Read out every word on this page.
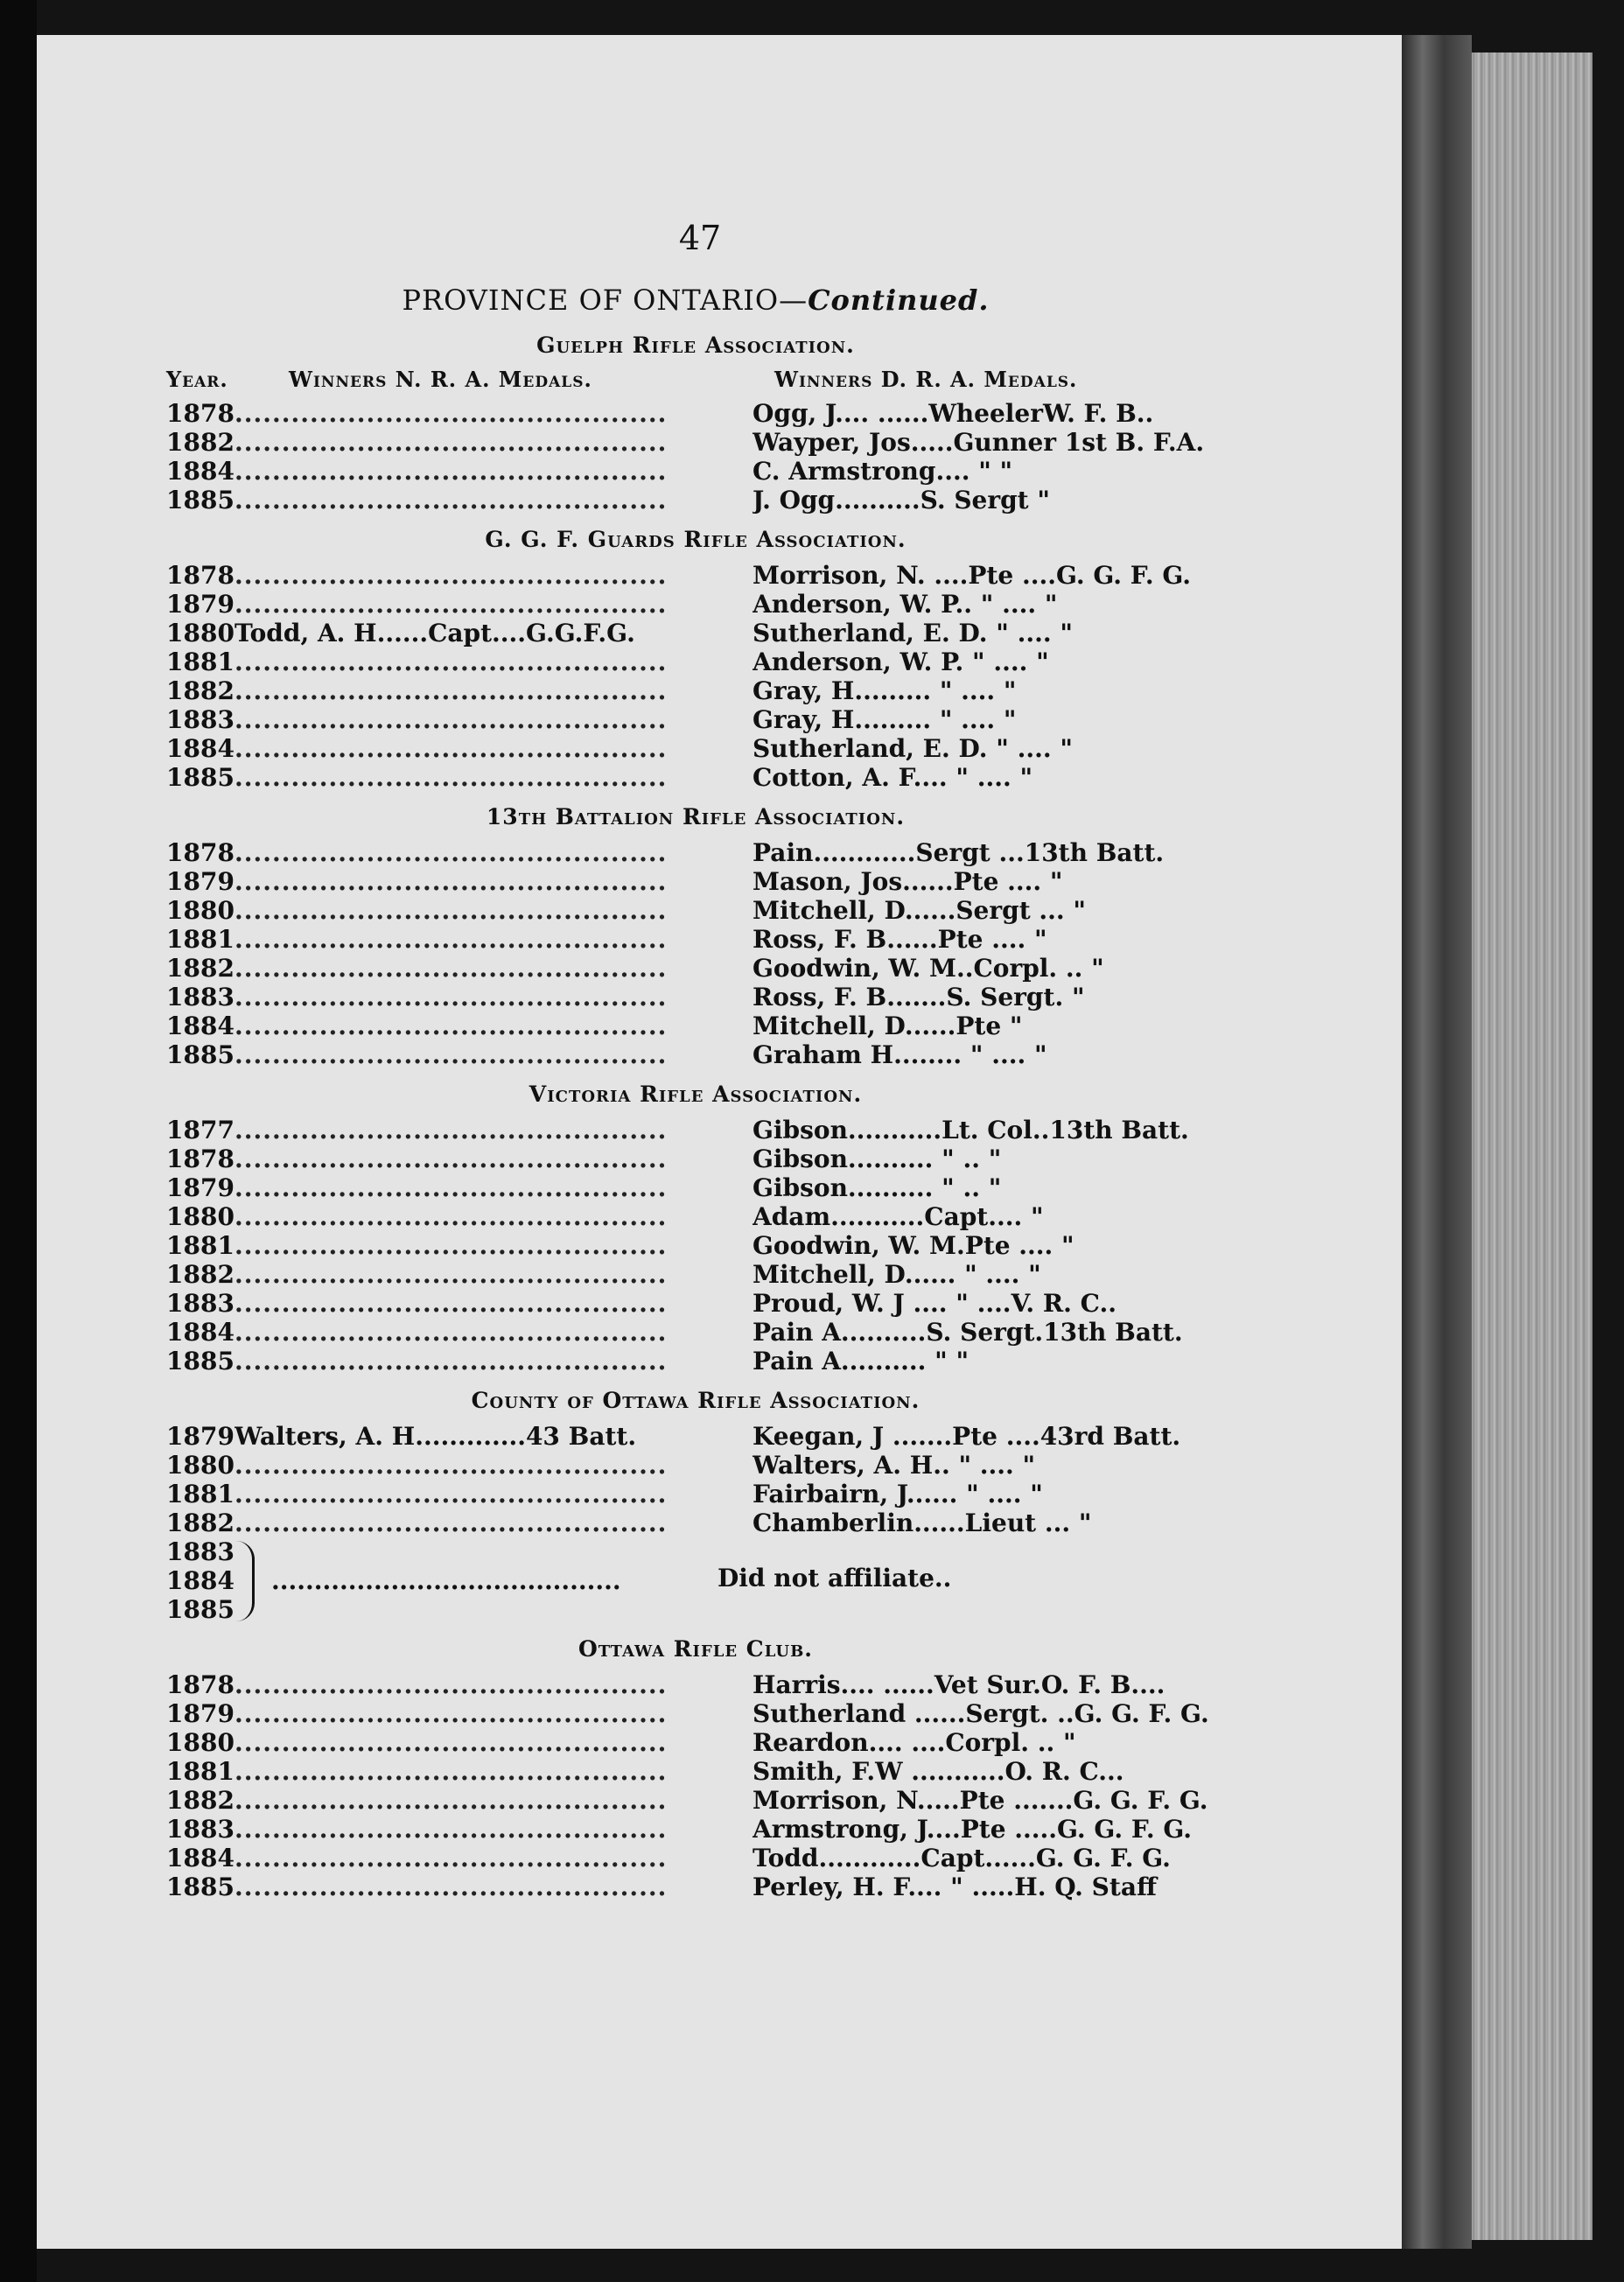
47
PROVINCE OF ONTARIO—Continued.
Guelph Rifle Association.
Year.	Winners N. R. A. Medals.	Winners D. R. A. Medals.
1878 ..............................................	Ogg, J.... ......WheelerW. F. B..
1882 ..............................................	Wayper, Jos.....Gunner 1st B. F.A.
1884 ..............................................	C. Armstrong.... " "
1885 ..............................................	J. Ogg..........S. Sergt "
G. G. F. Guards Rifle Association.
1878 ..............................................	Morrison, N. ....Pte ....G. G. F. G.
1879 ..............................................	Anderson, W. P.. " .... "
1880 Todd, A. H......Capt....G.G.F.G.	Sutherland, E. D. " .... "
1881 ..............................................	Anderson, W. P. " .... "
1882 ..............................................	Gray, H......... " .... "
1883 ..............................................	Gray, H......... " .... "
1884 ..............................................	Sutherland, E. D. " .... "
1885 ..............................................	Cotton, A. F.... " .... "
13th Battalion Rifle Association.
1878 ..............................................	Pain............Sergt ...13th Batt.
1879 ..............................................	Mason, Jos......Pte .... "
1880 ..............................................	Mitchell, D......Sergt ... "
1881 ..............................................	Ross, F. B......Pte .... "
1882 ..............................................	Goodwin, W. M..Corpl. .. "
1883 ..............................................	Ross, F. B.......S. Sergt. "
1884 ..............................................	Mitchell, D......Pte "
1885 ..............................................	Graham H........ " .... "
Victoria Rifle Association.
1877 ..............................................	Gibson...........Lt. Col..13th Batt.
1878 ..............................................	Gibson.......... " .. "
1879 ..............................................	Gibson.......... " .. "
1880 ..............................................	Adam...........Capt.... "
1881 ..............................................	Goodwin, W. M.Pte .... "
1882 ..............................................	Mitchell, D...... " .... "
1883 ..............................................	Proud, W. J .... " ....V. R. C..
1884 ..............................................	Pain A..........S. Sergt.13th Batt.
1885 ..............................................	Pain A.......... " "
County of Ottawa Rifle Association.
1879 Walters, A. H.............43 Batt.	Keegan, J .......Pte ....43rd Batt.
1880 ..............................................	Walters, A. H.. " .... "
1881 ..............................................	Fairbairn, J...... " .... "
1882 ..............................................	Chamberlin......Lieut ... "
1883
1884
1885
.........................................	Did not affiliate..
Ottawa Rifle Club.
1878 ..............................................	Harris.... ......Vet Sur.O. F. B....
1879 ..............................................	Sutherland ......Sergt. ..G. G. F. G.
1880 ..............................................	Reardon.... ....Corpl. .. "
1881 ..............................................	Smith, F.W ...........O. R. C...
1882 ..............................................	Morrison, N.....Pte .......G. G. F. G.
1883 ..............................................	Armstrong, J....Pte .....G. G. F. G.
1884 ..............................................	Todd............Capt......G. G. F. G.
1885 ..............................................	Perley, H. F.... " .....H. Q. Staff
